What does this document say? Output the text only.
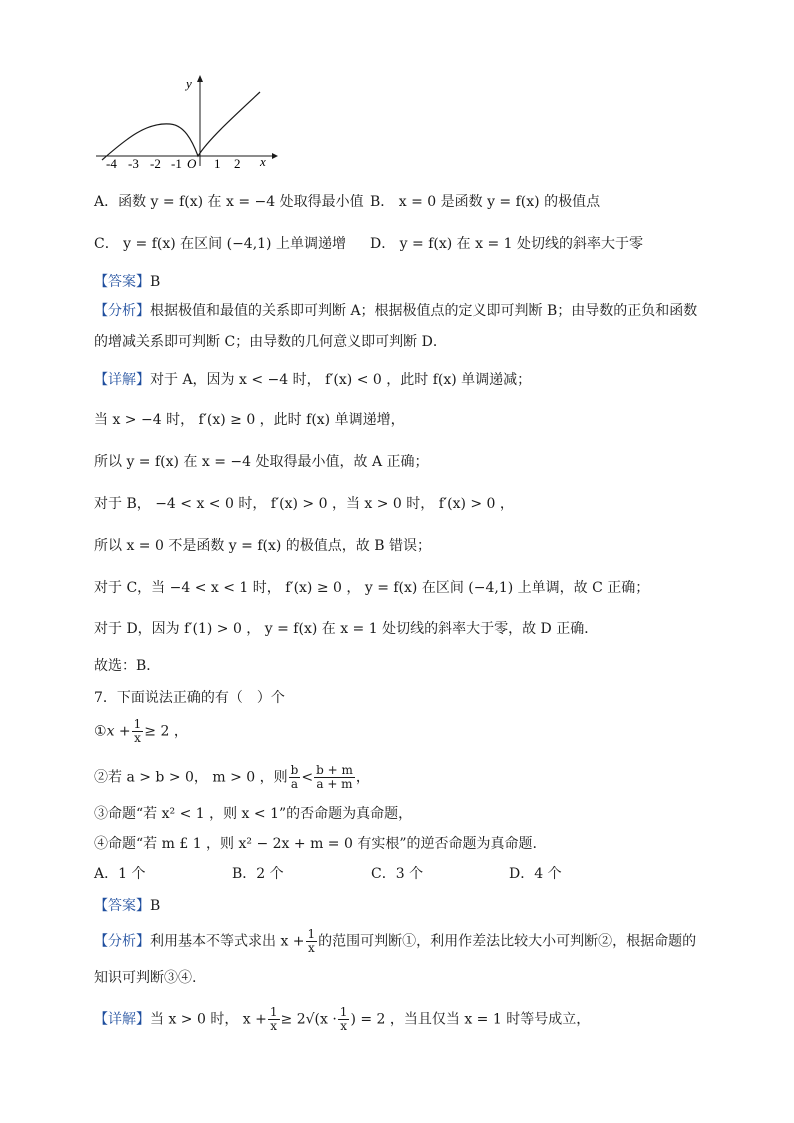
y
x
O
-4 -3 -2 -1 1 2
A．函数 y = f(x) 在 x = −4 处取得最小值 B． x = 0 是函数 y = f(x) 的极值点
C． y = f(x) 在区间 (−4,1) 上单调递增 D． y = f(x) 在 x = 1 处切线的斜率大于零
【答案】B
【分析】根据极值和最值的关系即可判断 A；根据极值点的定义即可判断 B；由导数的正负和函数
的增减关系即可判断 C；由导数的几何意义即可判断 D．
【详解】对于 A，因为 x < −4 时， f′(x) < 0 ，此时 f(x) 单调递减；
当 x > −4 时， f′(x) ≥ 0 ，此时 f(x) 单调递增，
所以 y = f(x) 在 x = −4 处取得最小值，故 A 正确；
对于 B， −4 < x < 0 时， f′(x) > 0 ，当 x > 0 时， f′(x) > 0 ，
所以 x = 0 不是函数 y = f(x) 的极值点，故 B 错误；
对于 C，当 −4 < x < 1 时， f′(x) ≥ 0 ， y = f(x) 在区间 (−4,1) 上单调，故 C 正确；
对于 D，因为 f′(1) > 0 ， y = f(x) 在 x = 1 处切线的斜率大于零，故 D 正确．
故选：B．
7．下面说法正确的有（　）个
①x + $\frac{1}{x} \ge 2$ ，
②若 a > b > 0， m > 0 ，则 $\frac{b}{a} < \frac{b + m}{a + m}$ ，
③命题“若 x² < 1 ，则 x < 1”的否命题为真命题，
④命题“若 m £ 1 ，则 x² − 2x + m = 0 有实根”的逆否命题为真命题.
A．1 个	B．2 个	C．3 个	D．4 个
【答案】B
【分析】利用基本不等式求出 $x + \frac{1}{x}$ 的范围可判断①，利用作差法比较大小可判断②，根据命题的
知识可判断③④.
【详解】当 x > 0 时， $x + \frac{1}{x} \ge 2√(x \cdot \frac{1}{x}$ ) = 2 ，当且仅当 x = 1 时等号成立，
